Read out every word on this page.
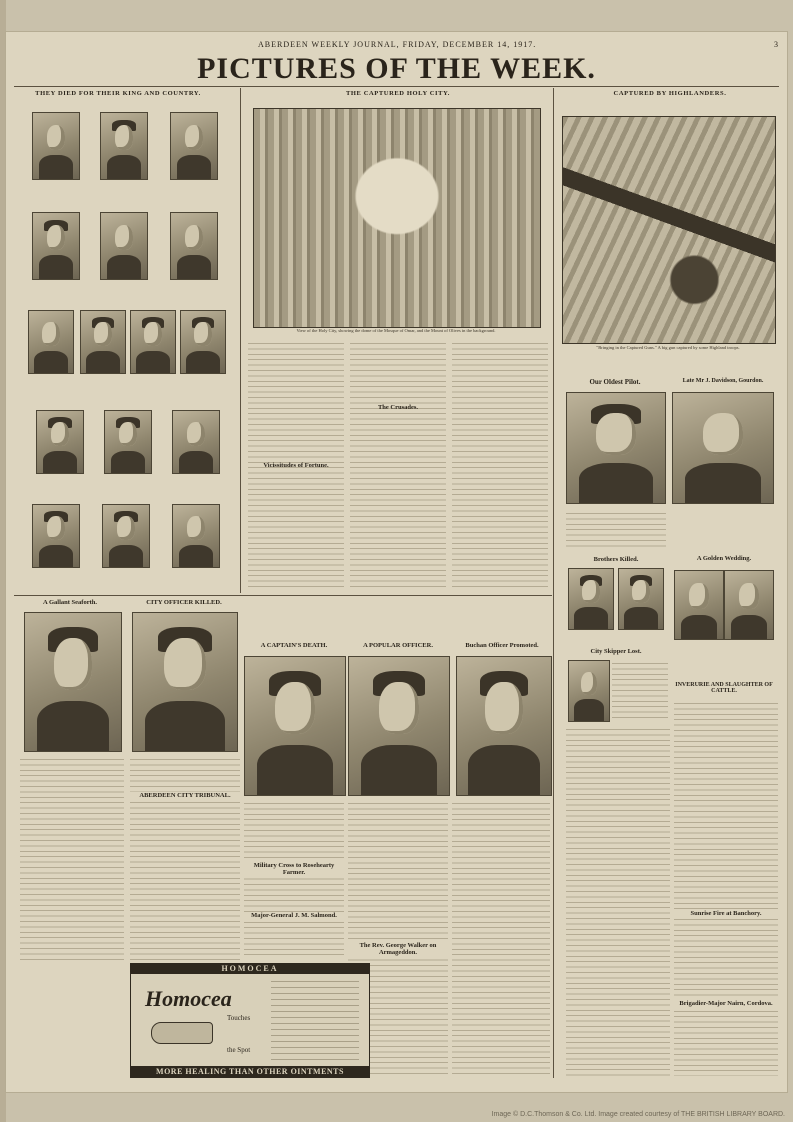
ABERDEEN WEEKLY JOURNAL, FRIDAY, DECEMBER 14, 1917.	3
PICTURES OF THE WEEK.
THEY DIED FOR THEIR KING AND COUNTRY.	THE CAPTURED HOLY CITY.	CAPTURED BY HIGHLANDERS.
View of the Holy City, showing the dome of the Mosque of Omar, and the Mount of Olives in the background.
"Bringing in the Captured Guns." A big gun captured by some Highland troops.
Vicissitudes of Fortune.
The Crusades.
Our Oldest Pilot.	Late Mr J. Davidson, Gourdon.
Brothers Killed.	A Golden Wedding.
City Skipper Lost.
INVERURIE AND SLAUGHTER OF CATTLE.
Sunrise Fire at Banchory.
Brigadier-Major Nairn, Cordova.
A Gallant Seaforth.	CITY OFFICER KILLED.
ABERDEEN CITY TRIBUNAL.
A CAPTAIN'S DEATH.	A POPULAR OFFICER.	Buchan Officer Promoted.
Military Cross to Rosehearty Farmer.
Major-General J. M. Salmond.
The Rev. George Walker on Armageddon.
HOMOCEA
Homocea
Touches
the Spot
MORE HEALING THAN OTHER OINTMENTS
Image © D.C.Thomson & Co. Ltd. Image created courtesy of THE BRITISH LIBRARY BOARD.
